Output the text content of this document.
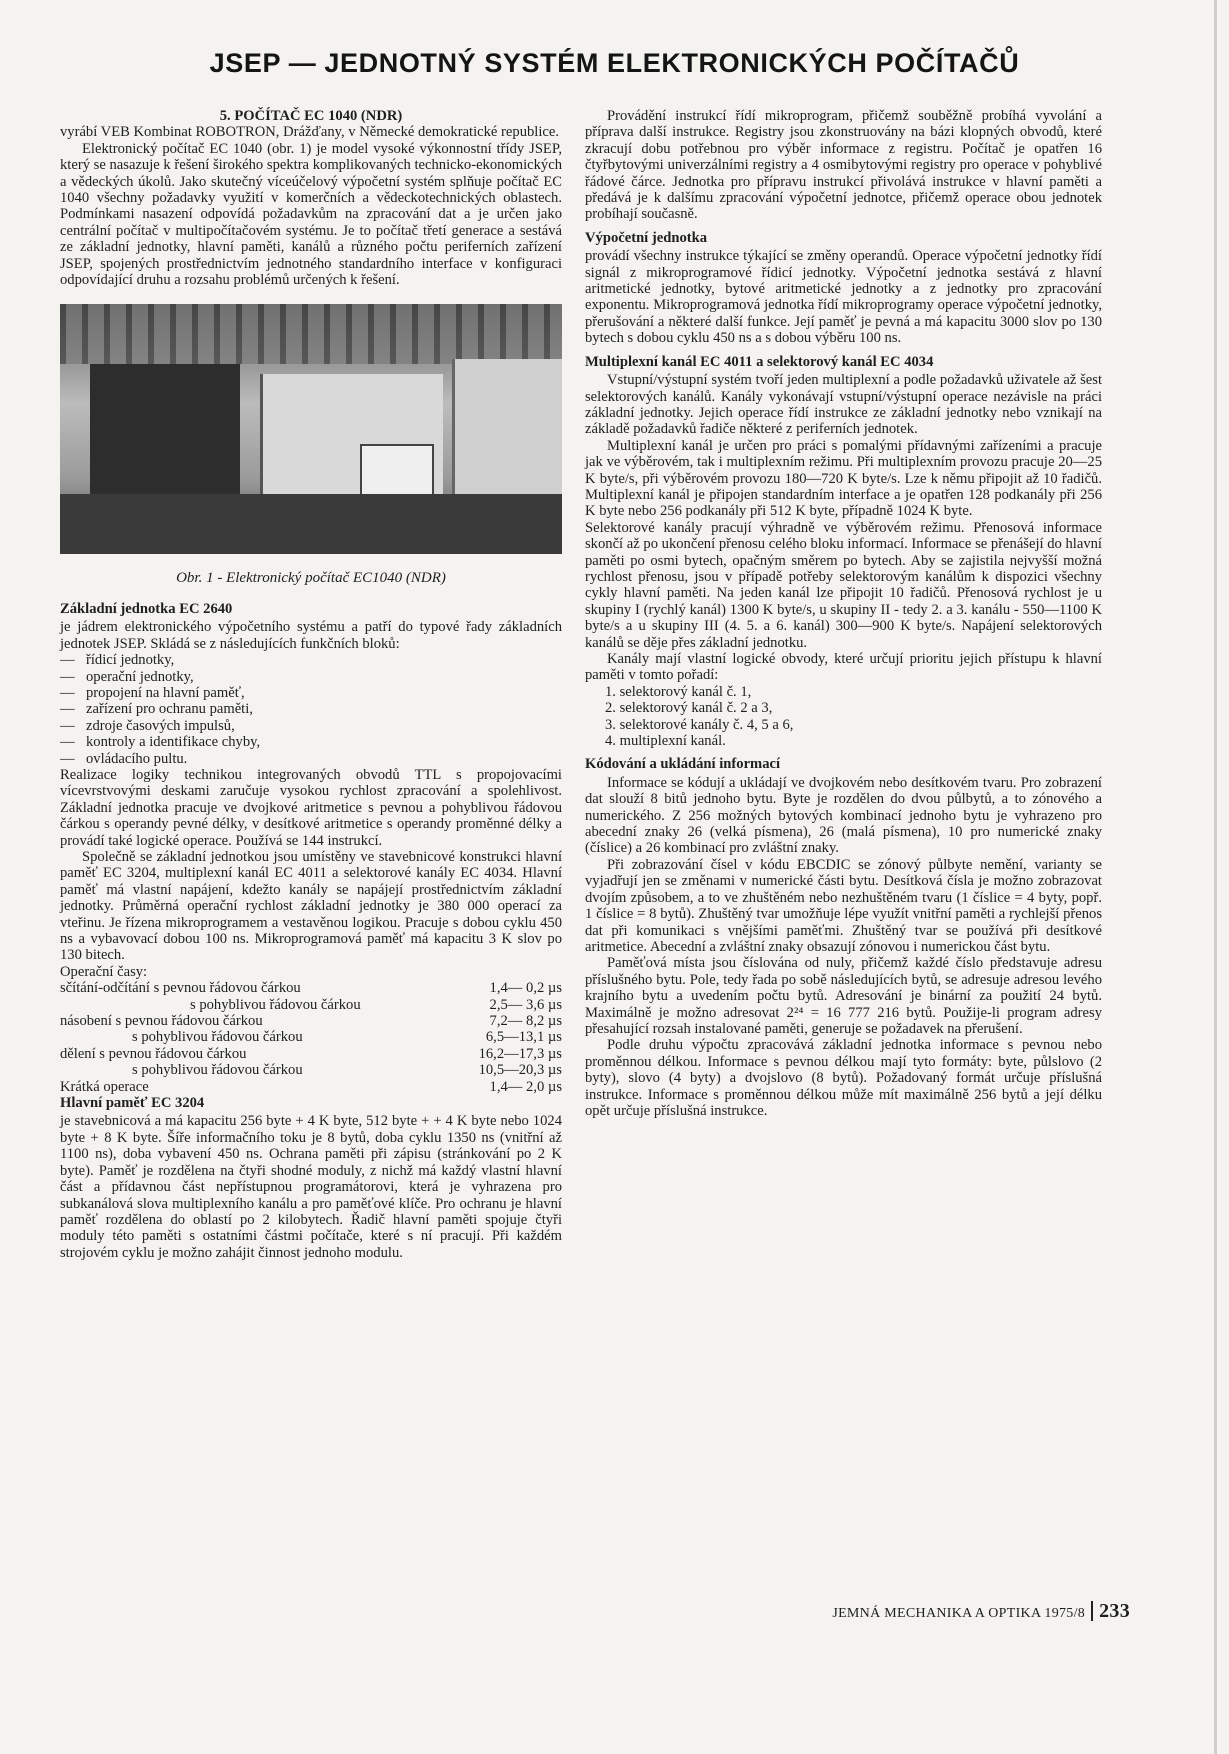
JSEP — JEDNOTNÝ SYSTÉM ELEKTRONICKÝCH POČÍTAČŮ

5. POČÍTAČ EC 1040 (NDR)

vyrábí VEB Kombinat ROBOTRON, Drážďany, v Německé demokratické republice.

Elektronický počítač EC 1040 (obr. 1) je model vysoké výkonnostní třídy JSEP, který se nasazuje k řešení širokého spektra komplikovaných technicko-ekonomických a vědeckých úkolů. Jako skutečný víceúčelový výpočetní systém splňuje počítač EC 1040 všechny požadavky využití v komerčních a vědeckotechnických oblastech. Podmínkami nasazení odpovídá požadavkům na zpracování dat a je určen jako centrální počítač v multipočítačovém systému. Je to počítač třetí generace a sestává ze základní jednotky, hlavní paměti, kanálů a různého počtu periferních zařízení JSEP, spojených prostřednictvím jednotného standardního interface v konfiguraci odpovídající druhu a rozsahu problémů určených k řešení.

Obr. 1 - Elektronický počítač EC1040 (NDR)

Základní jednotka EC 2640

je jádrem elektronického výpočetního systému a patří do typové řady základních jednotek JSEP. Skládá se z následujících funkčních bloků:

— řídicí jednotky,
— operační jednotky,
— propojení na hlavní paměť,
— zařízení pro ochranu paměti,
— zdroje časových impulsů,
— kontroly a identifikace chyby,
— ovládacího pultu.

Realizace logiky technikou integrovaných obvodů TTL s propojovacími vícevrstvovými deskami zaručuje vysokou rychlost zpracování a spolehlivost. Základní jednotka pracuje ve dvojkové aritmetice s pevnou a pohyblivou řádovou čárkou s operandy pevné délky, v desítkové aritmetice s operandy proměnné délky a provádí také logické operace. Používá se 144 instrukcí.

Společně se základní jednotkou jsou umístěny ve stavebnicové konstrukci hlavní paměť EC 3204, multiplexní kanál EC 4011 a selektorové kanály EC 4034. Hlavní paměť má vlastní napájení, kdežto kanály se napájejí prostřednictvím základní jednotky. Průměrná operační rychlost základní jednotky je 380 000 operací za vteřinu. Je řízena mikroprogramem a vestavěnou logikou. Pracuje s dobou cyklu 450 ns a vybavovací dobou 100 ns. Mikroprogramová paměť má kapacitu 3 K slov po 130 bitech.

Operační časy:

sčítání-odčítání s pevnou řádovou čárkou	1,4— 0,2 µs
s pohyblivou řádovou čárkou	2,5— 3,6 µs
násobení s pevnou řádovou čárkou	7,2— 8,2 µs
s pohyblivou řádovou čárkou	6,5—13,1 µs
dělení s pevnou řádovou čárkou	16,2—17,3 µs
s pohyblivou řádovou čárkou	10,5—20,3 µs
Krátká operace	1,4— 2,0 µs

Hlavní paměť EC 3204

je stavebnicová a má kapacitu 256 byte + 4 K byte, 512 byte + + 4 K byte nebo 1024 byte + 8 K byte. Šíře informačního toku je 8 bytů, doba cyklu 1350 ns (vnitřní až 1100 ns), doba vybavení 450 ns. Ochrana paměti při zápisu (stránkování po 2 K byte). Paměť je rozdělena na čtyři shodné moduly, z nichž má každý vlastní hlavní část a přídavnou část nepřístupnou programátorovi, která je vyhrazena pro subkanálová slova multiplexního kanálu a pro paměťové klíče. Pro ochranu je hlavní paměť rozdělena do oblastí po 2 kilobytech. Řadič hlavní paměti spojuje čtyři moduly této paměti s ostatními částmi počítače, které s ní pracují. Při každém strojovém cyklu je možno zahájit činnost jednoho modulu.

Provádění instrukcí řídí mikroprogram, přičemž souběžně probíhá vyvolání a příprava další instrukce. Registry jsou zkonstruovány na bázi klopných obvodů, které zkracují dobu potřebnou pro výběr informace z registru. Počítač je opatřen 16 čtyřbytovými univerzálními registry a 4 osmibytovými registry pro operace v pohyblivé řádové čárce. Jednotka pro přípravu instrukcí přivolává instrukce v hlavní paměti a předává je k dalšímu zpracování výpočetní jednotce, přičemž operace obou jednotek probíhají současně.

Výpočetní jednotka

provádí všechny instrukce týkající se změny operandů. Operace výpočetní jednotky řídí signál z mikroprogramové řídicí jednotky. Výpočetní jednotka sestává z hlavní aritmetické jednotky, bytové aritmetické jednotky a z jednotky pro zpracování exponentu. Mikroprogramová jednotka řídí mikroprogramy operace výpočetní jednotky, přerušování a některé další funkce. Její paměť je pevná a má kapacitu 3000 slov po 130 bytech s dobou cyklu 450 ns a s dobou výběru 100 ns.

Multiplexní kanál EC 4011 a selektorový kanál EC 4034

Vstupní/výstupní systém tvoří jeden multiplexní a podle požadavků uživatele až šest selektorových kanálů. Kanály vykonávají vstupní/výstupní operace nezávisle na práci základní jednotky. Jejich operace řídí instrukce ze základní jednotky nebo vznikají na základě požadavků řadiče některé z periferních jednotek.

Multiplexní kanál je určen pro práci s pomalými přídavnými zařízeními a pracuje jak ve výběrovém, tak i multiplexním režimu. Při multiplexním provozu pracuje 20—25 K byte/s, při výběrovém provozu 180—720 K byte/s. Lze k němu připojit až 10 řadičů. Multiplexní kanál je připojen standardním interface a je opatřen 128 podkanály při 256 K byte nebo 256 podkanály při 512 K byte, případně 1024 K byte.

Selektorové kanály pracují výhradně ve výběrovém režimu. Přenosová informace skončí až po ukončení přenosu celého bloku informací. Informace se přenášejí do hlavní paměti po osmi bytech, opačným směrem po bytech. Aby se zajistila nejvyšší možná rychlost přenosu, jsou v případě potřeby selektorovým kanálům k dispozici všechny cykly hlavní paměti. Na jeden kanál lze připojit 10 řadičů. Přenosová rychlost je u skupiny I (rychlý kanál) 1300 K byte/s, u skupiny II - tedy 2. a 3. kanálu - 550—1100 K byte/s a u skupiny III (4. 5. a 6. kanál) 300—900 K byte/s. Napájení selektorových kanálů se děje přes základní jednotku.

Kanály mají vlastní logické obvody, které určují prioritu jejich přístupu k hlavní paměti v tomto pořadí:

1. selektorový kanál č. 1,
2. selektorový kanál č. 2 a 3,
3. selektorové kanály č. 4, 5 a 6,
4. multiplexní kanál.

Kódování a ukládání informací

Informace se kódují a ukládají ve dvojkovém nebo desítkovém tvaru. Pro zobrazení dat slouží 8 bitů jednoho bytu. Byte je rozdělen do dvou půlbytů, a to zónového a numerického. Z 256 možných bytových kombinací jednoho bytu je vyhrazeno pro abecední znaky 26 (velká písmena), 26 (malá písmena), 10 pro numerické znaky (číslice) a 26 kombinací pro zvláštní znaky.

Při zobrazování čísel v kódu EBCDIC se zónový půlbyte nemění, varianty se vyjadřují jen se změnami v numerické části bytu. Desítková čísla je možno zobrazovat dvojím způsobem, a to ve zhuštěném nebo nezhuštěném tvaru (1 číslice = 4 byty, popř. 1 číslice = 8 bytů). Zhuštěný tvar umožňuje lépe využít vnitřní paměti a rychlejší přenos dat při komunikaci s vnějšími paměťmi. Zhuštěný tvar se používá při desítkové aritmetice. Abecední a zvláštní znaky obsazují zónovou i numerickou část bytu.

Paměťová místa jsou číslována od nuly, přičemž každé číslo představuje adresu příslušného bytu. Pole, tedy řada po sobě následujících bytů, se adresuje adresou levého krajního bytu a uvedením počtu bytů. Adresování je binární za použití 24 bytů. Maximálně je možno adresovat 2²⁴ = 16 777 216 bytů. Použije-li program adresy přesahující rozsah instalované paměti, generuje se požadavek na přerušení.

Podle druhu výpočtu zpracovává základní jednotka informace s pevnou nebo proměnnou délkou. Informace s pevnou délkou mají tyto formáty: byte, půlslovo (2 byty), slovo (4 byty) a dvojslovo (8 bytů). Požadovaný formát určuje příslušná instrukce. Informace s proměnnou délkou může mít maximálně 256 bytů a její délku opět určuje příslušná instrukce.

JEMNÁ MECHANIKA A OPTIKA 1975/8 233
